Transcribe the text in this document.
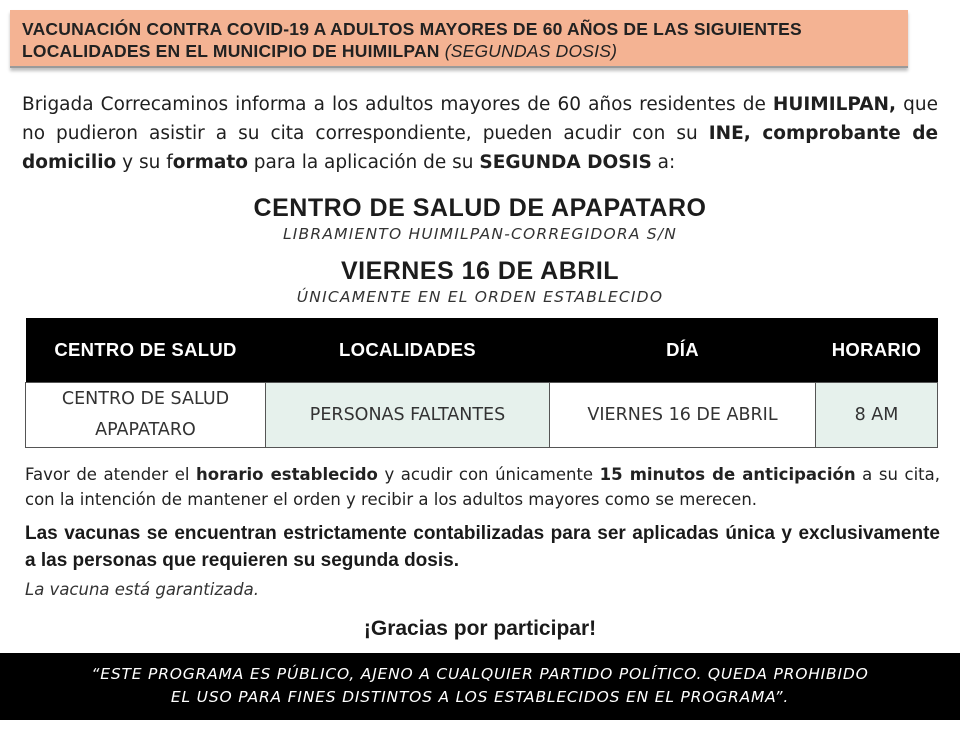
VACUNACIÓN CONTRA COVID-19 A ADULTOS MAYORES DE 60 AÑOS DE LAS SIGUIENTES
LOCALIDADES EN EL MUNICIPIO DE HUIMILPAN (SEGUNDAS DOSIS)
Brigada Correcaminos informa a los adultos mayores de 60 años residentes de HUIMILPAN, que no pudieron asistir a su cita correspondiente, pueden acudir con su INE, comprobante de domicilio y su formato para la aplicación de su SEGUNDA DOSIS a:
CENTRO DE SALUD DE APAPATARO
LIBRAMIENTO HUIMILPAN-CORREGIDORA S/N
VIERNES 16 DE ABRIL
ÚNICAMENTE EN EL ORDEN ESTABLECIDO
CENTRO DE SALUD	LOCALIDADES	DÍA	HORARIO
CENTRO DE SALUD
APAPATARO	PERSONAS FALTANTES	VIERNES 16 DE ABRIL	8 AM
Favor de atender el horario establecido y acudir con únicamente 15 minutos de anticipación a su cita, con la intención de mantener el orden y recibir a los adultos mayores como se merecen.
Las vacunas se encuentran estrictamente contabilizadas para ser aplicadas única y exclusivamente a las personas que requieren su segunda dosis.
La vacuna está garantizada.
¡Gracias por participar!
“ESTE PROGRAMA ES PÚBLICO, AJENO A CUALQUIER PARTIDO POLÍTICO. QUEDA PROHIBIDO
EL USO PARA FINES DISTINTOS A LOS ESTABLECIDOS EN EL PROGRAMA”.
